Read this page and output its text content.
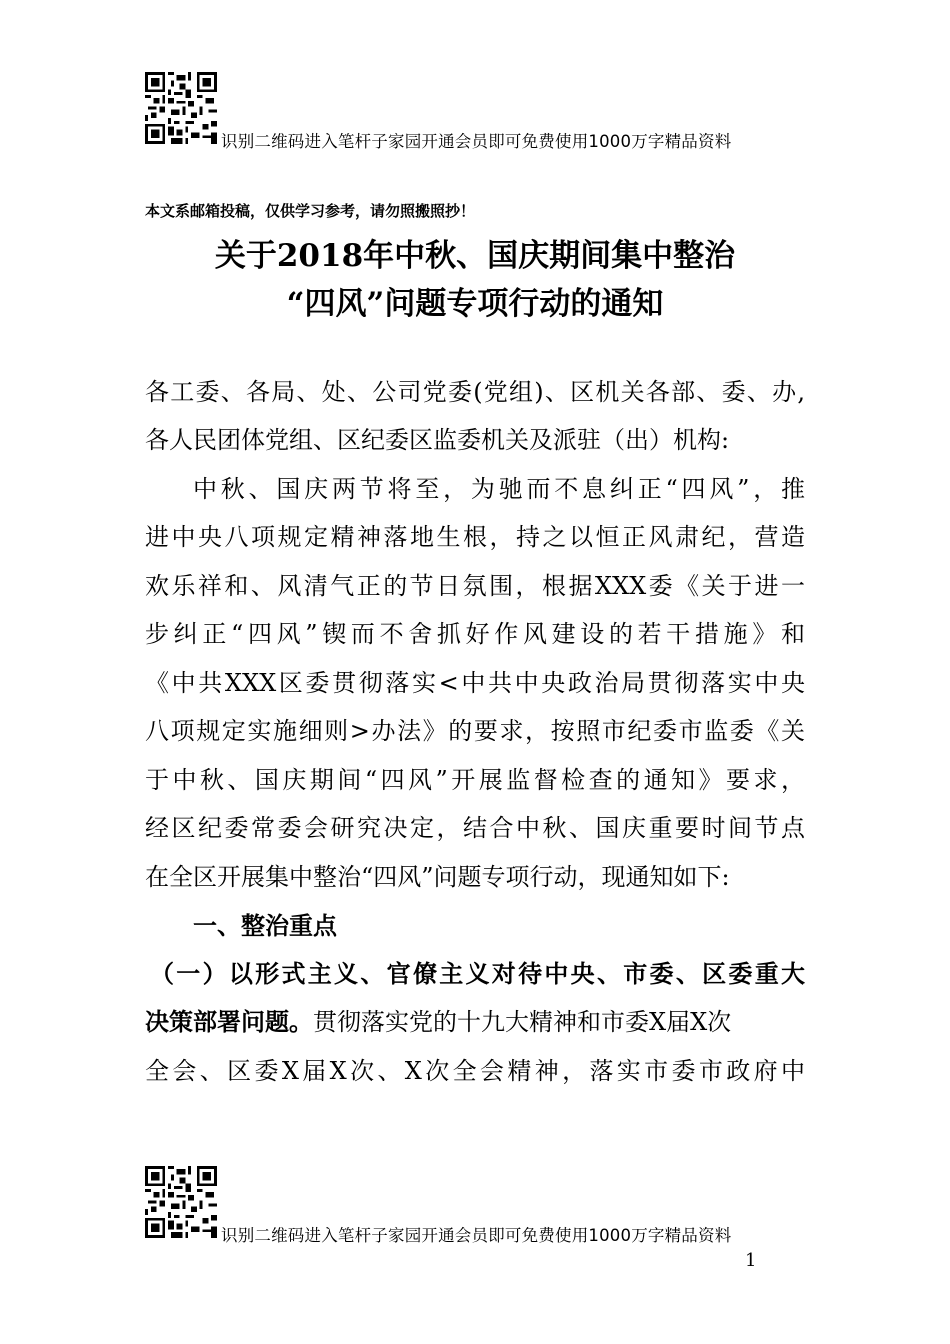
识别二维码进入笔杆子家园开通会员即可免费使用1000万字精品资料
本文系邮箱投稿，仅供学习参考，请勿照搬照抄！
关于2018年中秋、国庆期间集中整治
“四风”问题专项行动的通知
各工委、各局、处、公司党委(党组)、区机关各部、委、办,
各人民团体党组、区纪委区监委机关及派驻（出）机构:
中秋、国庆两节将至，为驰而不息纠正“四风”，推
进中央八项规定精神落地生根，持之以恒正风肃纪，营造
欢乐祥和、风清气正的节日氛围，根据XXX委《关于进一
步纠正“四风”锲而不舍抓好作风建设的若干措施》和
《中共XXX区委贯彻落实<中共中央政治局贯彻落实中央
八项规定实施细则>办法》的要求，按照市纪委市监委《关
于中秋、国庆期间“四风”开展监督检查的通知》要求，
经区纪委常委会研究决定，结合中秋、国庆重要时间节点
在全区开展集中整治“四风”问题专项行动，现通知如下:
一、整治重点
（一）以形式主义、官僚主义对待中央、市委、区委重大
决策部署问题。贯彻落实党的十九大精神和市委X届X次
全会、区委X届X次、X次全会精神，落实市委市政府中
识别二维码进入笔杆子家园开通会员即可免费使用1000万字精品资料
1
